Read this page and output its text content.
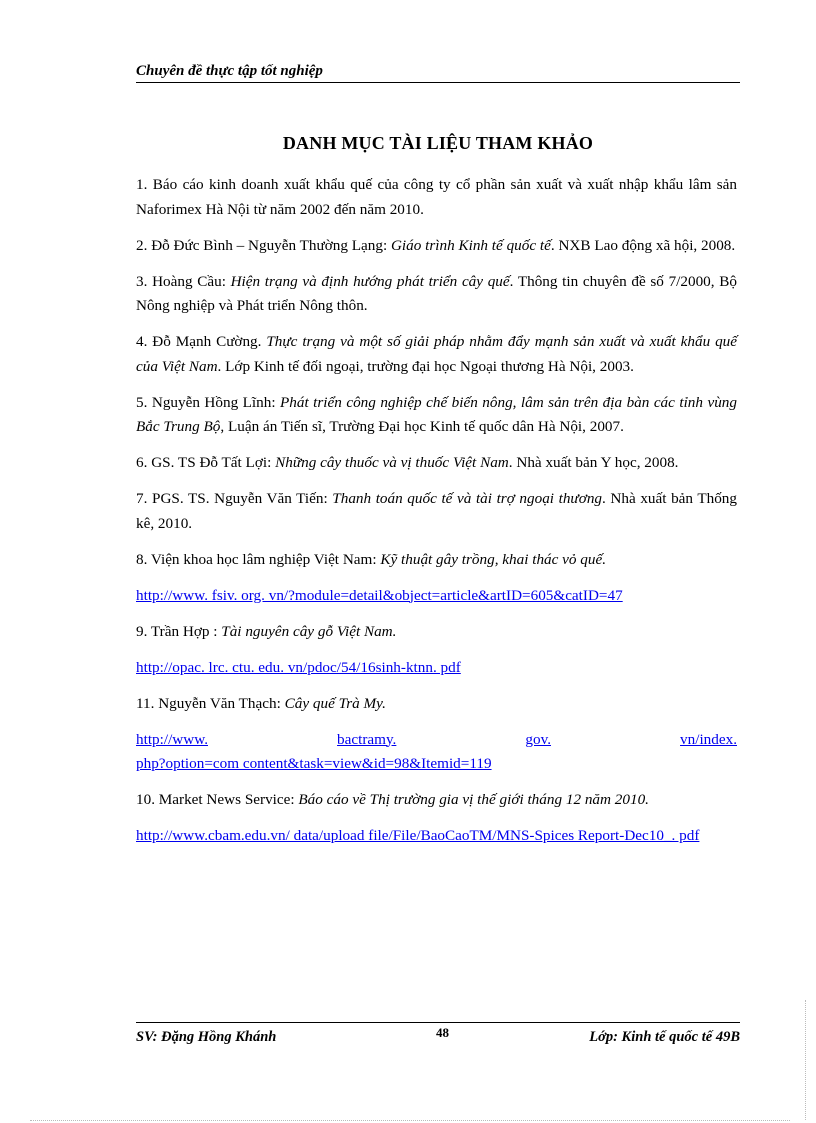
Chuyên đề thực tập tốt nghiệp
DANH MỤC TÀI LIỆU THAM KHẢO

1. Báo cáo kinh doanh xuất khẩu quế của công ty cổ phần sản xuất và xuất nhập khẩu lâm sản Naforimex Hà Nội từ năm 2002 đến năm 2010.

2. Đỗ Đức Bình – Nguyễn Thường Lạng: Giáo trình Kinh tế quốc tế. NXB Lao động xã hội, 2008.

3. Hoàng Cầu: Hiện trạng và định hướng phát triển cây quế. Thông tin chuyên đề số 7/2000, Bộ Nông nghiệp và Phát triển Nông thôn.

4. Đỗ Mạnh Cường. Thực trạng và một số giải pháp nhằm đẩy mạnh sản xuất và xuất khẩu quế của Việt Nam. Lớp Kinh tế đối ngoại, trường đại học Ngoại thương Hà Nội, 2003.

5. Nguyễn Hồng Lĩnh: Phát triển công nghiệp chế biến nông, lâm sản trên địa bàn các tỉnh vùng Bắc Trung Bộ, Luận án Tiến sĩ, Trường Đại học Kinh tế quốc dân Hà Nội, 2007.

6. GS. TS Đỗ Tất Lợi: Những cây thuốc và vị thuốc Việt Nam. Nhà xuất bản Y học, 2008.

7. PGS. TS. Nguyễn Văn Tiến: Thanh toán quốc tế và tài trợ ngoại thương. Nhà xuất bản Thống kê, 2010.

8. Viện khoa học lâm nghiệp Việt Nam: Kỹ thuật gây trồng, khai thác vỏ quế.

http://www. fsiv. org. vn/?module=detail&object=article&artID=605&catID=47

9. Trần Hợp : Tài nguyên cây gỗ Việt Nam.

http://opac. lrc. ctu. edu. vn/pdoc/54/16sinh-ktnn. pdf

11. Nguyễn Văn Thạch: Cây quế Trà My.

http://www.	bactramy.	gov.	vn/index.
php?option=com content&task=view&id=98&Itemid=119

10. Market News Service: Báo cáo về Thị trường gia vị thế giới tháng 12 năm 2010.

http://www.cbam.edu.vn/ data/upload file/File/BaoCaoTM/MNS-Spices Report-Dec10_. pdf
SV: Đặng Hồng Khánh	48	Lớp: Kinh tế quốc tế 49B
